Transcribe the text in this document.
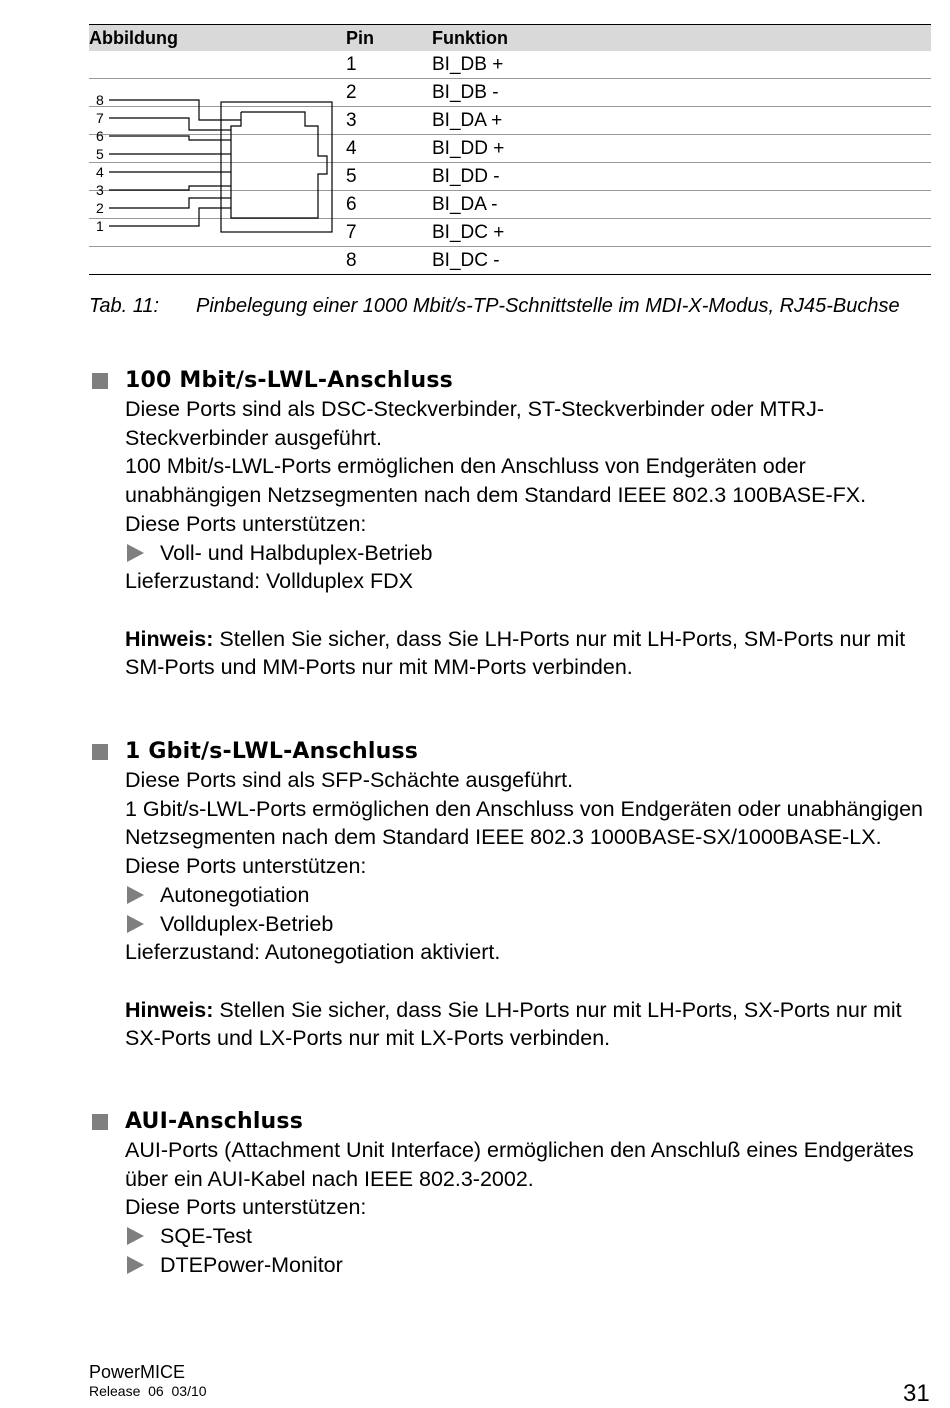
Abbildung	Pin	Funktion
1	BI_DB +
2	BI_DB -
3	BI_DA +
4	BI_DD +
5	BI_DD -
6	BI_DA -
7	BI_DC +
8	BI_DC -
8
7
6
5
4
3
2
1
Tab. 11: Pinbelegung einer 1000 Mbit/s-TP-Schnittstelle im MDI-X-Modus, RJ45-Buchse
100 Mbit/s-LWL-Anschluss

Diese Ports sind als DSC-Steckverbinder, ST-Steckverbinder oder MTRJ-Steckverbinder ausgeführt.

100 Mbit/s-LWL-Ports ermöglichen den Anschluss von Endgeräten oder unabhängigen Netzsegmenten nach dem Standard IEEE 802.3 100BASE-FX.

Diese Ports unterstützen:

Voll- und Halbduplex-Betrieb

Lieferzustand: Vollduplex FDX

Hinweis: Stellen Sie sicher, dass Sie LH-Ports nur mit LH-Ports, SM-Ports nur mit SM-Ports und MM-Ports nur mit MM-Ports verbinden.

1 Gbit/s-LWL-Anschluss

Diese Ports sind als SFP-Schächte ausgeführt.

1 Gbit/s-LWL-Ports ermöglichen den Anschluss von Endgeräten oder unabhängigen Netzsegmenten nach dem Standard IEEE 802.3 1000BASE-SX/1000BASE-LX.

Diese Ports unterstützen:

Autonegotiation

Vollduplex-Betrieb

Lieferzustand: Autonegotiation aktiviert.

Hinweis: Stellen Sie sicher, dass Sie LH-Ports nur mit LH-Ports, SX-Ports nur mit SX-Ports und LX-Ports nur mit LX-Ports verbinden.

AUI-Anschluss

AUI-Ports (Attachment Unit Interface) ermöglichen den Anschluß eines Endgerätes über ein AUI-Kabel nach IEEE 802.3-2002.

Diese Ports unterstützen:

SQE-Test

DTEPower-Monitor

PowerMICE
Release  06  03/10	31
